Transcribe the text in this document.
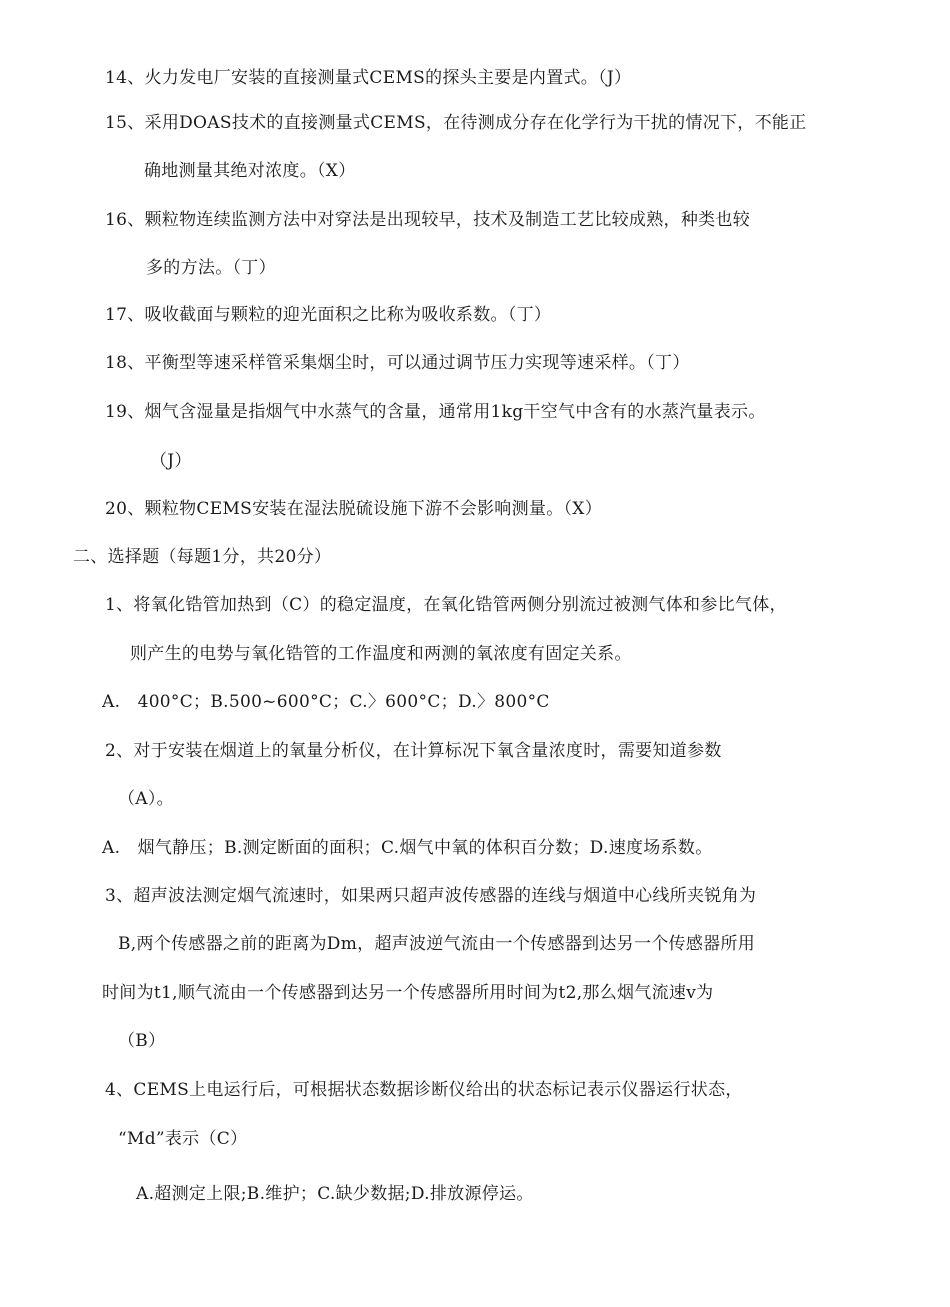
14、火力发电厂安装的直接测量式CEMS的探头主要是内置式。（J）
15、采用DOAS技术的直接测量式CEMS，在待测成分存在化学行为干扰的情况下，不能正
确地测量其绝对浓度。（X）
16、颗粒物连续监测方法中对穿法是出现较早，技术及制造工艺比较成熟，种类也较
多的方法。（丁）
17、吸收截面与颗粒的迎光面积之比称为吸收系数。（丁）
18、平衡型等速采样管采集烟尘时，可以通过调节压力实现等速采样。（丁）
19、烟气含湿量是指烟气中水蒸气的含量，通常用1kg干空气中含有的水蒸汽量表示。
（J）
20、颗粒物CEMS安装在湿法脱硫设施下游不会影响测量。（X）
二、选择题（每题1分，共20分）
1、将氧化锆管加热到（C）的稳定温度，在氧化锆管两侧分别流过被测气体和参比气体，
则产生的电势与氧化锆管的工作温度和两测的氧浓度有固定关系。
A.　400°C；B.500~600°C；C.〉600°C；D.〉800°C
2、对于安装在烟道上的氧量分析仪，在计算标况下氧含量浓度时，需要知道参数
（A）。
A.　烟气静压；B.测定断面的面积；C.烟气中氧的体积百分数；D.速度场系数。
3、超声波法测定烟气流速时，如果两只超声波传感器的连线与烟道中心线所夹锐角为
B,两个传感器之前的距离为Dm，超声波逆气流由一个传感器到达另一个传感器所用
时间为t1,顺气流由一个传感器到达另一个传感器所用时间为t2,那么烟气流速v为
（B）
4、CEMS上电运行后，可根据状态数据诊断仪给出的状态标记表示仪器运行状态，
“Md”表示（C）
A.超测定上限;B.维护；C.缺少数据;D.排放源停运。
